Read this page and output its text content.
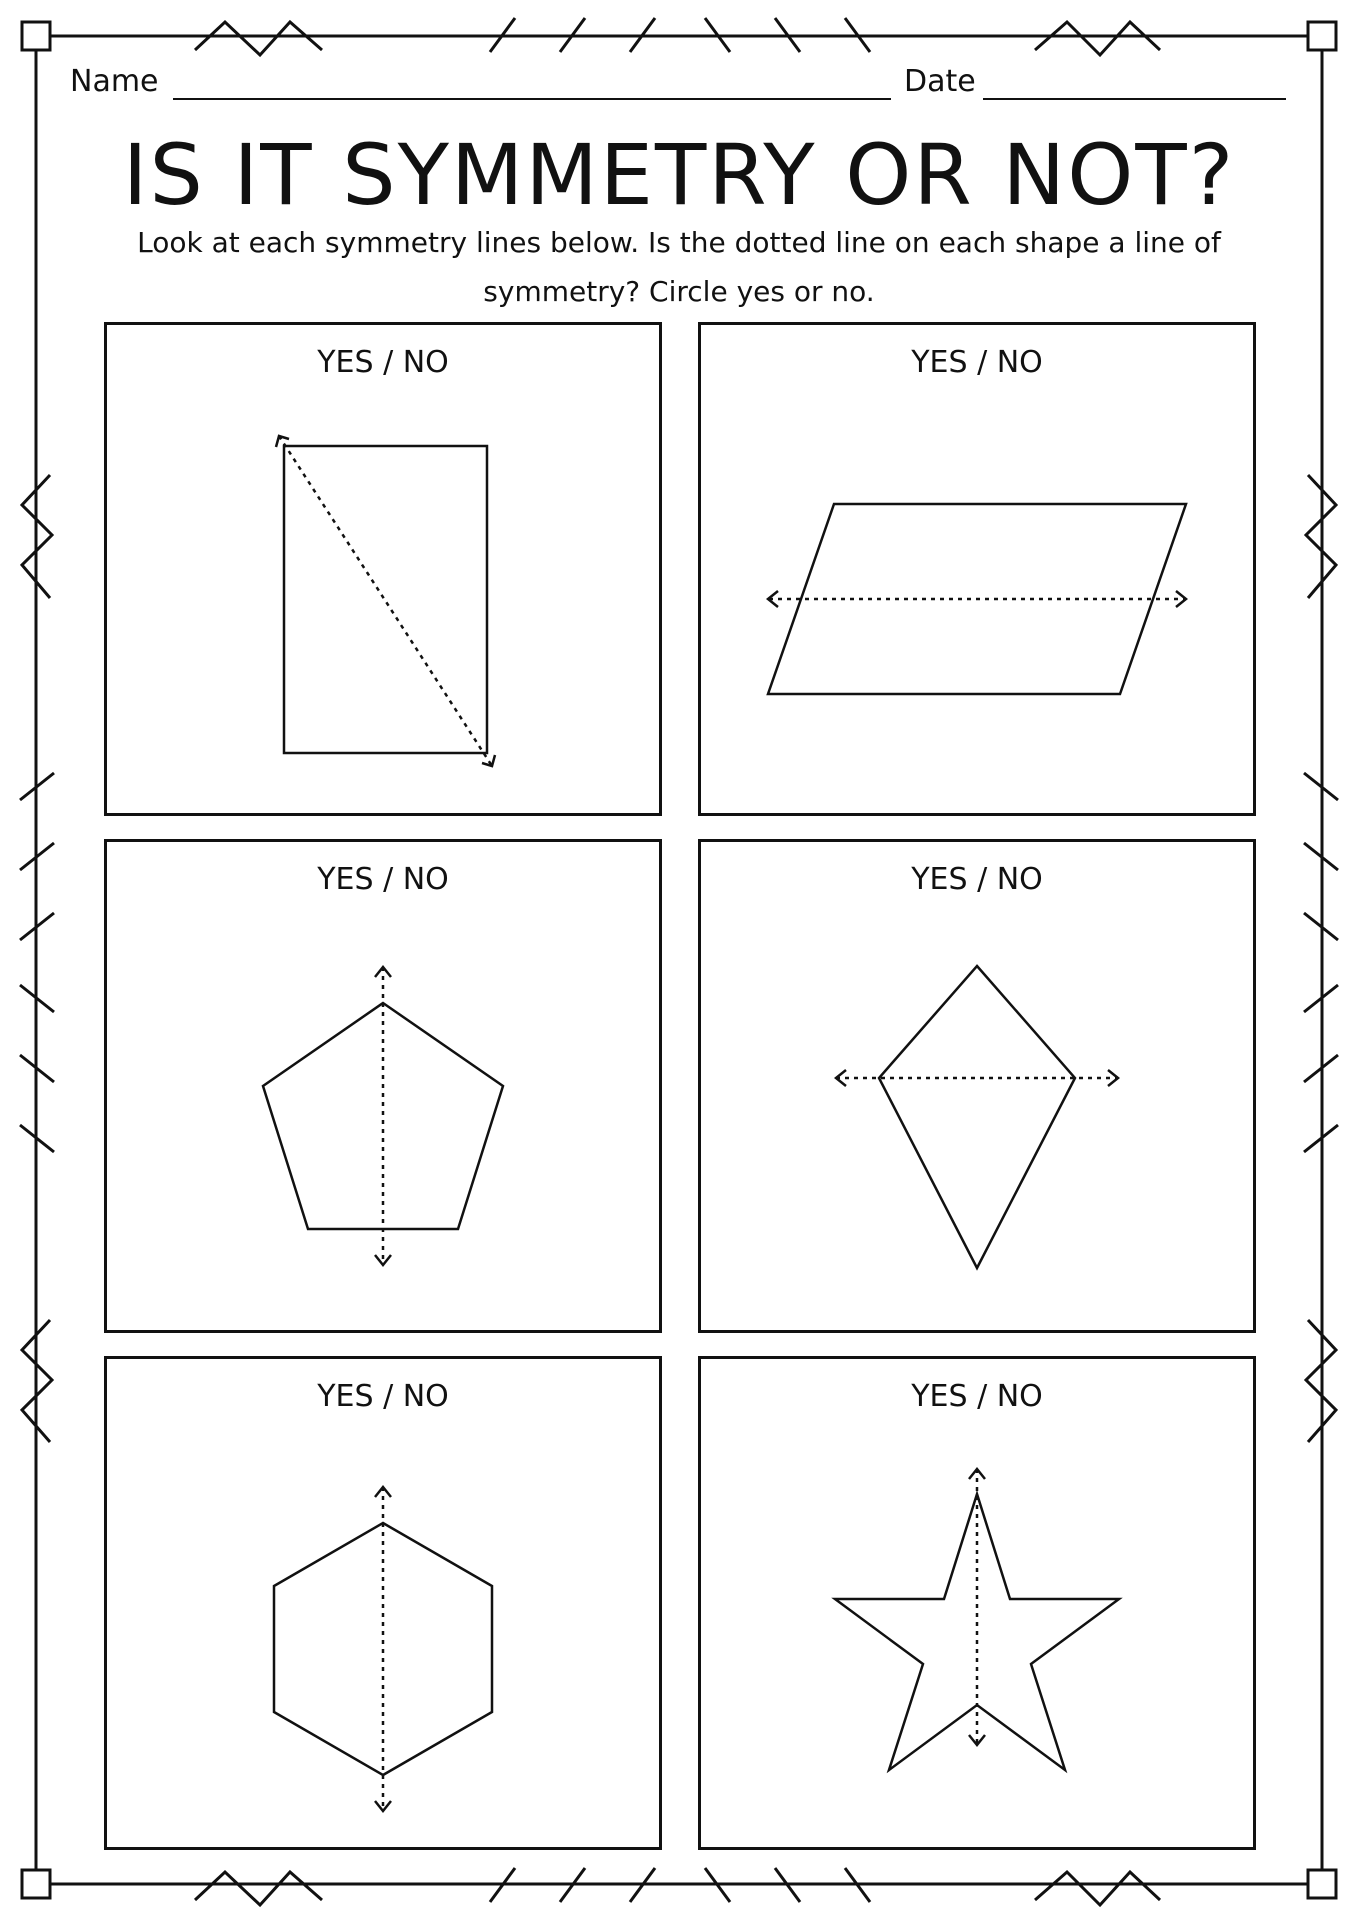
Name	Date
IS IT SYMMETRY OR NOT?

Look at each symmetry lines below. Is the dotted line on each shape a line of symmetry? Circle yes or no.

YES / NO	YES / NO
YES / NO	YES / NO
YES / NO	YES / NO
